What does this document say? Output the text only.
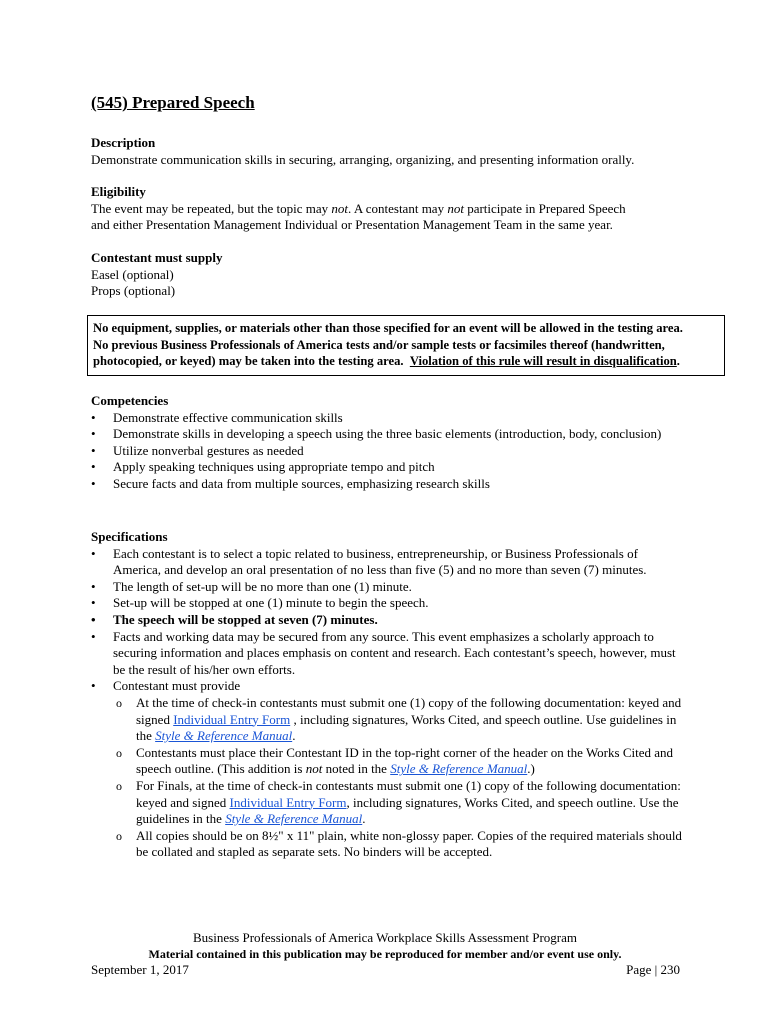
(545) Prepared Speech
Description

Demonstrate communication skills in securing, arranging, organizing, and presenting information orally.

Eligibility

The event may be repeated, but the topic may not. A contestant may not participate in Prepared Speech
and either Presentation Management Individual or Presentation Management Team in the same year.

Contestant must supply
Easel (optional)
Props (optional)
No equipment, supplies, or materials other than those specified for an event will be allowed in the testing area.
No previous Business Professionals of America tests and/or sample tests or facsimiles thereof (handwritten,
photocopied, or keyed) may be taken into the testing area. Violation of this rule will result in disqualification.
Competencies
• Demonstrate effective communication skills
• Demonstrate skills in developing a speech using the three basic elements (introduction, body, conclusion)
• Utilize nonverbal gestures as needed
• Apply speaking techniques using appropriate tempo and pitch
• Secure facts and data from multiple sources, emphasizing research skills
Specifications
• Each contestant is to select a topic related to business, entrepreneurship, or Business Professionals of America, and develop an oral presentation of no less than five (5) and no more than seven (7) minutes.
• The length of set-up will be no more than one (1) minute.
• Set-up will be stopped at one (1) minute to begin the speech.
• The speech will be stopped at seven (7) minutes.
• Facts and working data may be secured from any source. This event emphasizes a scholarly approach to securing information and places emphasis on content and research. Each contestant’s speech, however, must be the result of his/her own efforts.
• Contestant must provide
o At the time of check-in contestants must submit one (1) copy of the following documentation: keyed and signed Individual Entry Form , including signatures, Works Cited, and speech outline. Use guidelines in the Style & Reference Manual.
o Contestants must place their Contestant ID in the top-right corner of the header on the Works Cited and speech outline. (This addition is not noted in the Style & Reference Manual.)
o For Finals, at the time of check-in contestants must submit one (1) copy of the following documentation: keyed and signed Individual Entry Form, including signatures, Works Cited, and speech outline. Use the guidelines in the Style & Reference Manual.
o All copies should be on 8½" x 11" plain, white non-glossy paper. Copies of the required materials should be collated and stapled as separate sets. No binders will be accepted.
Business Professionals of America Workplace Skills Assessment Program
Material contained in this publication may be reproduced for member and/or event use only.
September 1, 2017	Page | 230
